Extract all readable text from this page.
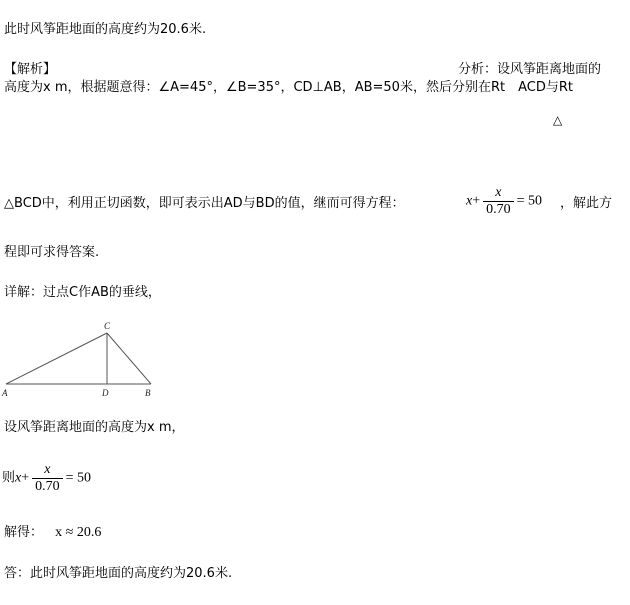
此时风筝距地面的高度约为20.6米.
【解析】	分析：设风筝距离地面的
高度为x m，根据题意得：∠A=45°，∠B=35°，CD⊥AB，AB=50米，然后分别在Rt　ACD与Rt
△
△BCD中，利用正切函数，即可表示出AD与BD的值，继而可得方程：	$x+ \frac{x}{0.70} = 50$ ，解此方
程即可求得答案.
详解：过点C作AB的垂线，
C
A	D	B
设风筝距离地面的高度为x m，
则$x+ \frac{x}{0.70} = 50$
解得： x ≈ 20.6
答：此时风筝距地面的高度约为20.6米.
